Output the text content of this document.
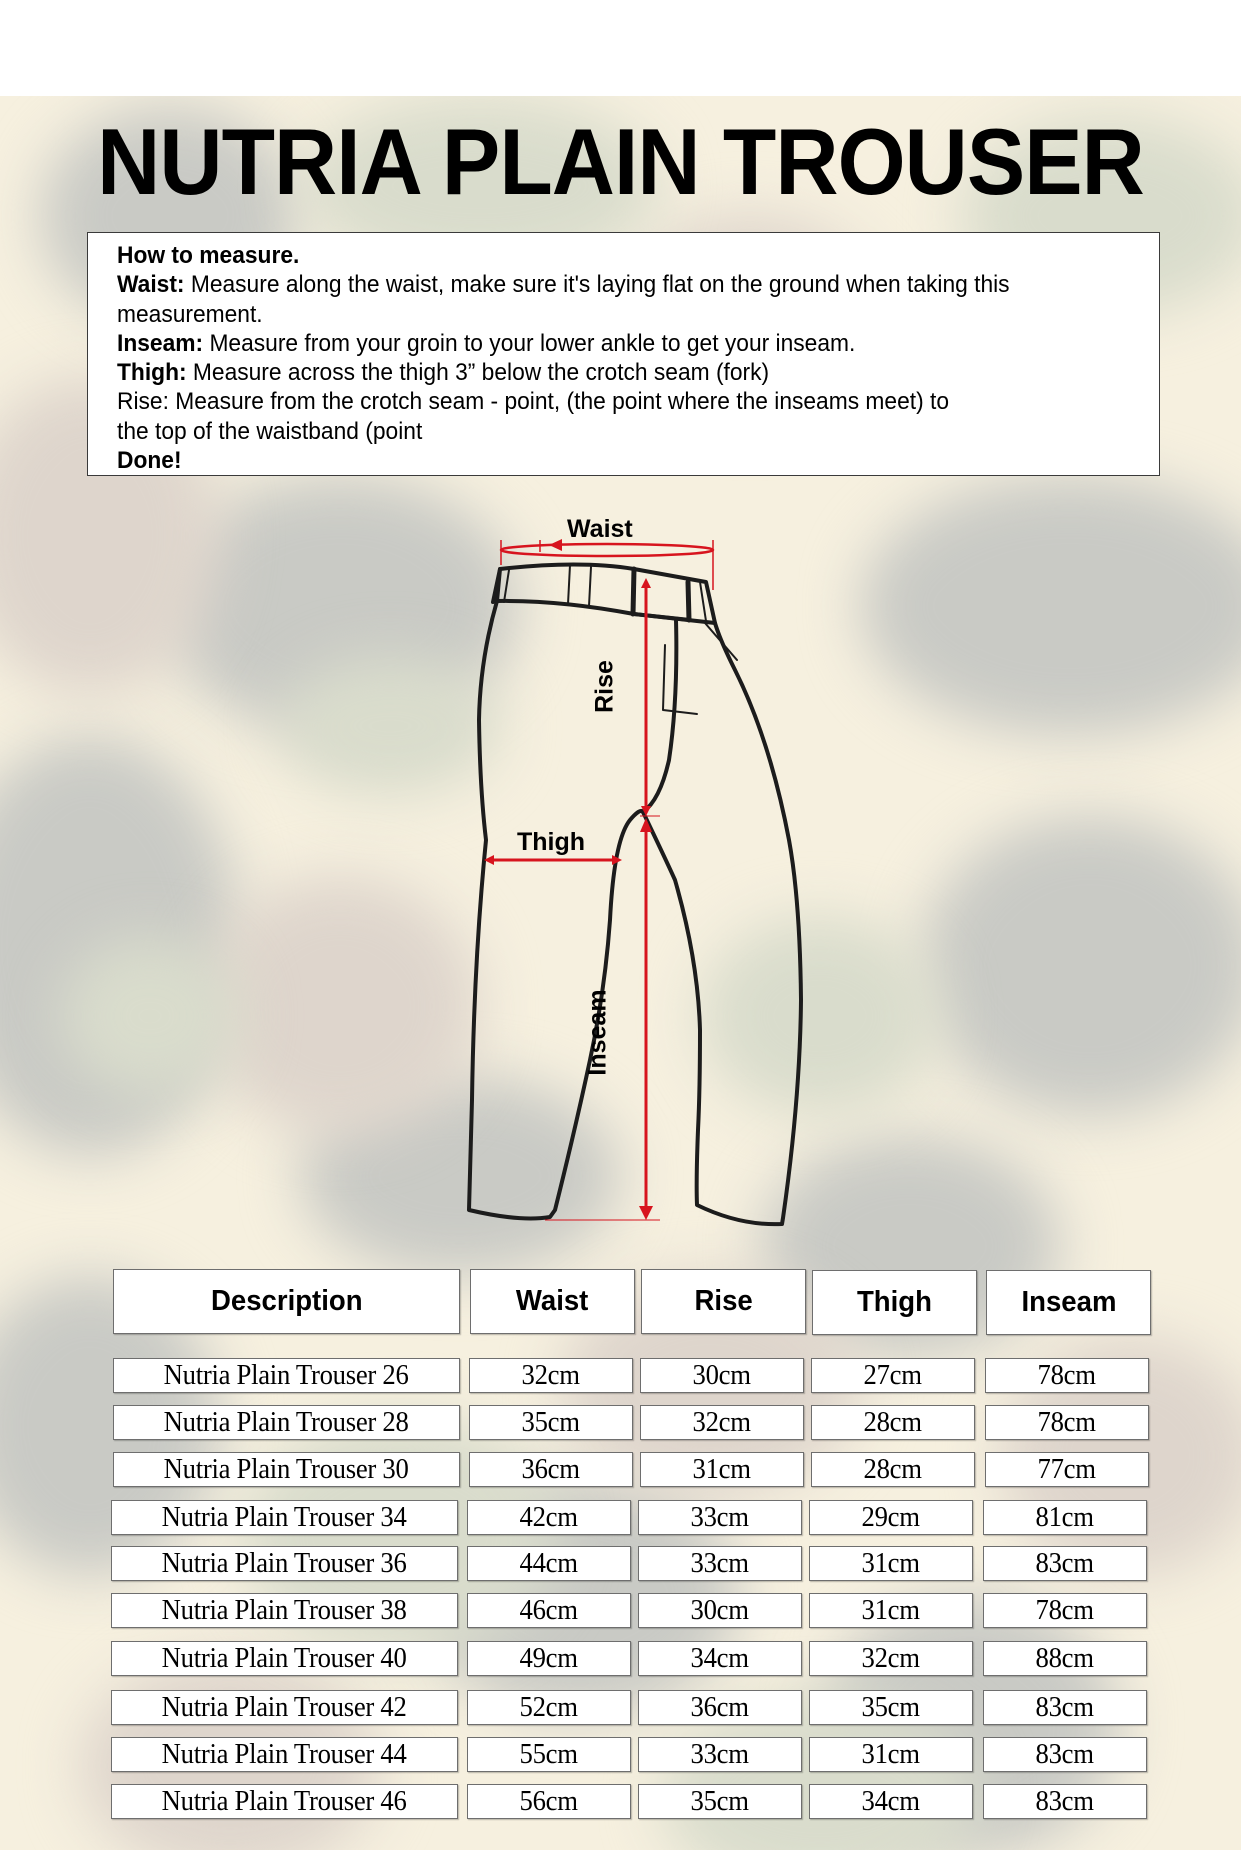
NUTRIA PLAIN TROUSER
How to measure.
Waist: Measure along the waist, make sure it's laying flat on the ground when taking this
measurement.
Inseam: Measure from your groin to your lower ankle to get your inseam.
Thigh: Measure across the thigh 3” below the crotch seam (fork)
Rise: Measure from the crotch seam - point, (the point where the inseams meet) to
the top of the waistband (point
Done!
Waist
Rise
Thigh
Inseam
Description	Waist	Rise	Thigh	Inseam
Nutria Plain Trouser 26	32cm	30cm	27cm	78cm
Nutria Plain Trouser 28	35cm	32cm	28cm	78cm
Nutria Plain Trouser 30	36cm	31cm	28cm	77cm
Nutria Plain Trouser 34	42cm	33cm	29cm	81cm
Nutria Plain Trouser 36	44cm	33cm	31cm	83cm
Nutria Plain Trouser 38	46cm	30cm	31cm	78cm
Nutria Plain Trouser 40	49cm	34cm	32cm	88cm
Nutria Plain Trouser 42	52cm	36cm	35cm	83cm
Nutria Plain Trouser 44	55cm	33cm	31cm	83cm
Nutria Plain Trouser 46	56cm	35cm	34cm	83cm
